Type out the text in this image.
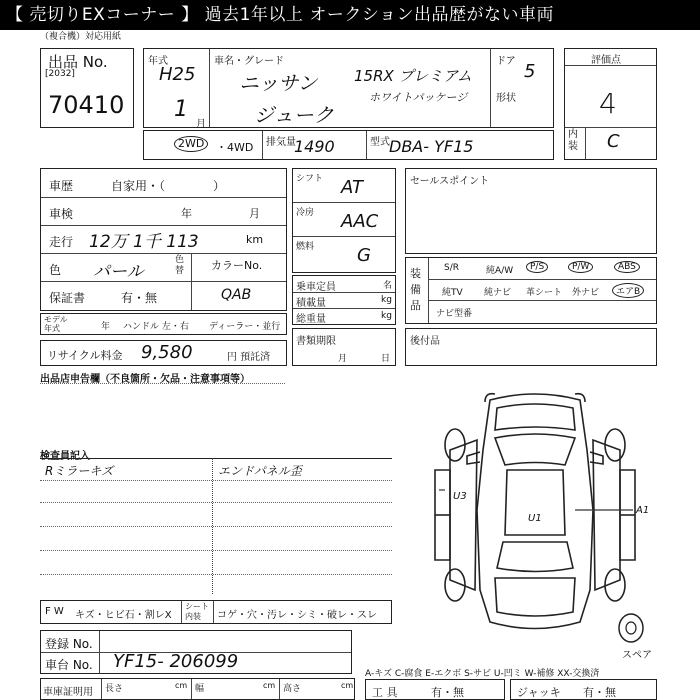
【 売切りEXコーナー 】 過去1年以上 オークション出品歴がない車両
（複合機）対応用紙
出品 No.
[2032]
70410
年式
H25
1
月
車名・グレード
ニッサン 15RX プレミアム
ホワイトパッケージ
ジューク
ドア 5
形状
評価点
4
内装 C
2WD	・4WD 排気量
1490	型式 DBA- YF15
車歴	自家用・（　　　　）
車検	年	月
走行 12万 1千 113	km
色 パール
色替 カラーNo.
QAB
保証書	有・無
モデル年式	年 ハンドル 左・右 ディーラー・並行
リサイクル料金 9,580	円 預託済
シフト AT
冷房 AAC
燃料 G
乗車定員	名
積載量	kg
総重量	kg
書類期限
月	日
セールスポイント
装備品
S/R	純A/W	P/S	P/W	ABS
純TV 純ナビ 革シート 外ナビ	エアB
ナビ型番
後付品
出品店申告欄（不良箇所・欠品・注意事項等）
検査員記入
Rミラーキズ	エンドパネル歪
U3
U1
A1
スペア
F W キズ・ヒビ石・割レX
シート内装	コゲ・穴・汚レ・シミ・破レ・スレ
登録 No.
車台 No. YF15- 206099
車庫証明用 長さ	cm 幅	cm 高さ	cm
A-キズ C-腐食 E-エクボ S-サビ U-凹ミ W-補修 XX-交換済
工 具	有・無	ジャッキ 有・無
